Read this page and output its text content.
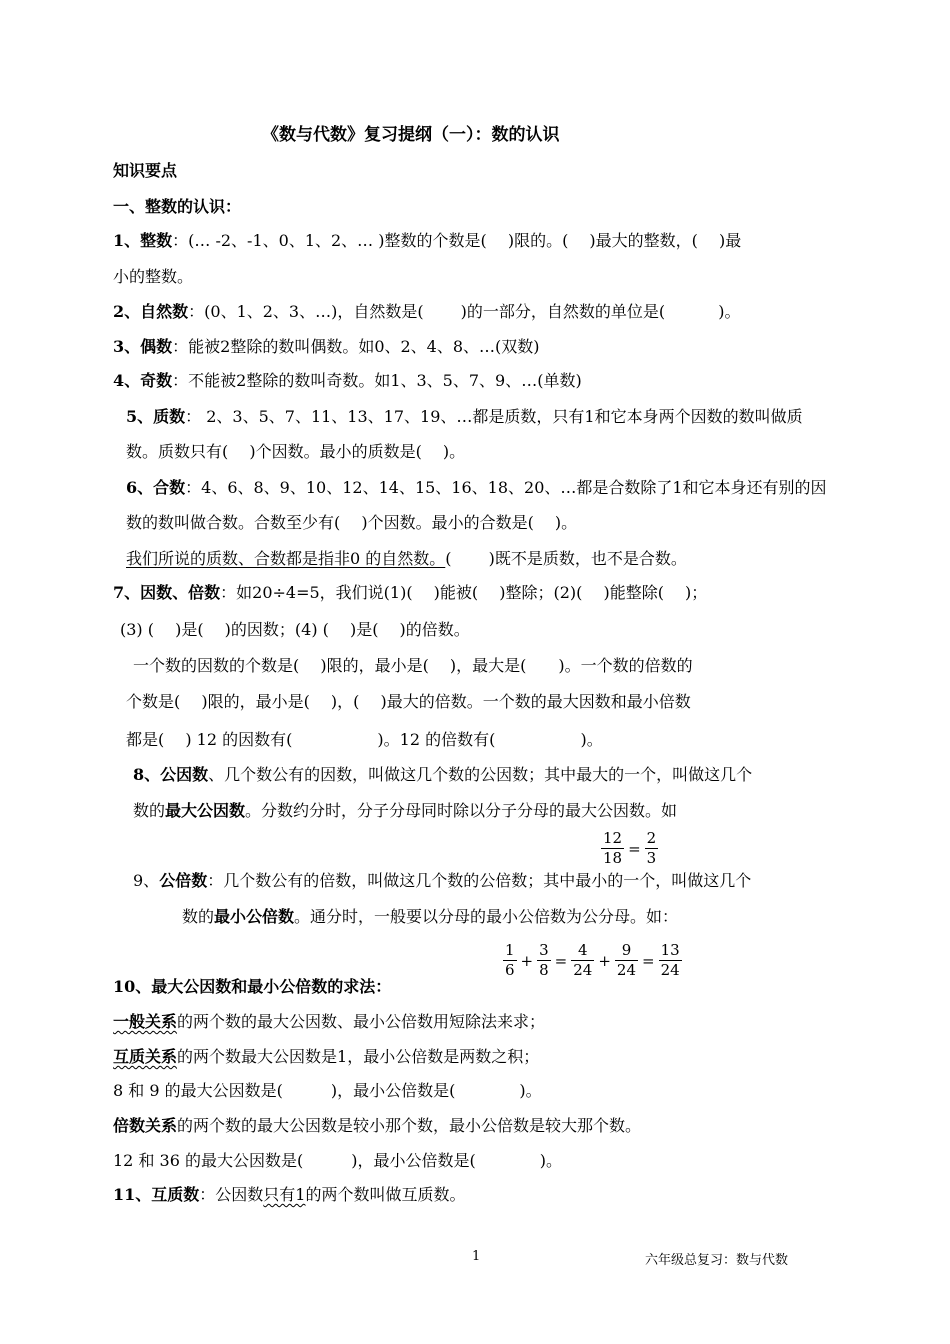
《数与代数》复习提纲（一）：数的认识
知识要点
一、整数的认识：
1、整数：(… -2、-1、0、1、2、… )整数的个数是(　 )限的。(　 )最大的整数，(　 )最
小的整数。
2、自然数：(0、1、2、3、…)，自然数是(　　 )的一部分，自然数的单位是(　　　 )。
3、偶数：能被2整除的数叫偶数。如0、2、4、8、…(双数)
4、奇数：不能被2整除的数叫奇数。如1、3、5、7、9、…(单数)
5、质数： 2、3、5、7、11、13、17、19、…都是质数，只有1和它本身两个因数的数叫做质
数。质数只有(　 )个因数。最小的质数是(　 )。
6、合数：4、6、8、9、10、12、14、15、16、18、20、…都是合数除了1和它本身还有别的因
数的数叫做合数。合数至少有(　 )个因数。最小的合数是(　 )。
我们所说的质数、合数都是指非0 的自然数。(　　 )既不是质数，也不是合数。
7、因数、倍数：如20÷4=5，我们说(1)(　 )能被(　 )整除；(2)(　 )能整除(　 )；
(3) (　 )是(　 )的因数；(4) (　 )是(　 )的倍数。
一个数的因数的个数是(　 )限的，最小是(　 )，最大是(　　)。一个数的倍数的
个数是(　 )限的，最小是(　 )，(　 )最大的倍数。一个数的最大因数和最小倍数
都是(　 ) 12 的因数有(　　　　　 )。12 的倍数有(　　　　　 )。
8、公因数、几个数公有的因数，叫做这几个数的公因数；其中最大的一个，叫做这几个
数的最大公因数。分数约分时，分子分母同时除以分子分母的最大公因数。如
$\frac{12}{18} = \frac{2}{3}$
9、公倍数：几个数公有的倍数，叫做这几个数的公倍数；其中最小的一个，叫做这几个
数的最小公倍数。通分时，一般要以分母的最小公倍数为公分母。如：
1
6
+ $\frac{3}{8} = \frac{4}{24} + \frac{9}{24} = \frac{13}{24}$
10、最大公因数和最小公倍数的求法：
一般关系的两个数的最大公因数、最小公倍数用短除法来求；
互质关系的两个数最大公因数是1，最小公倍数是两数之积；
8 和 9 的最大公因数是(　　　)，最小公倍数是(　　　　)。
倍数关系的两个数的最大公因数是较小那个数，最小公倍数是较大那个数。
12 和 36 的最大公因数是(　　　)，最小公倍数是(　　　　)。
11、互质数：公因数只有1的两个数叫做互质数。
1	六年级总复习：数与代数
